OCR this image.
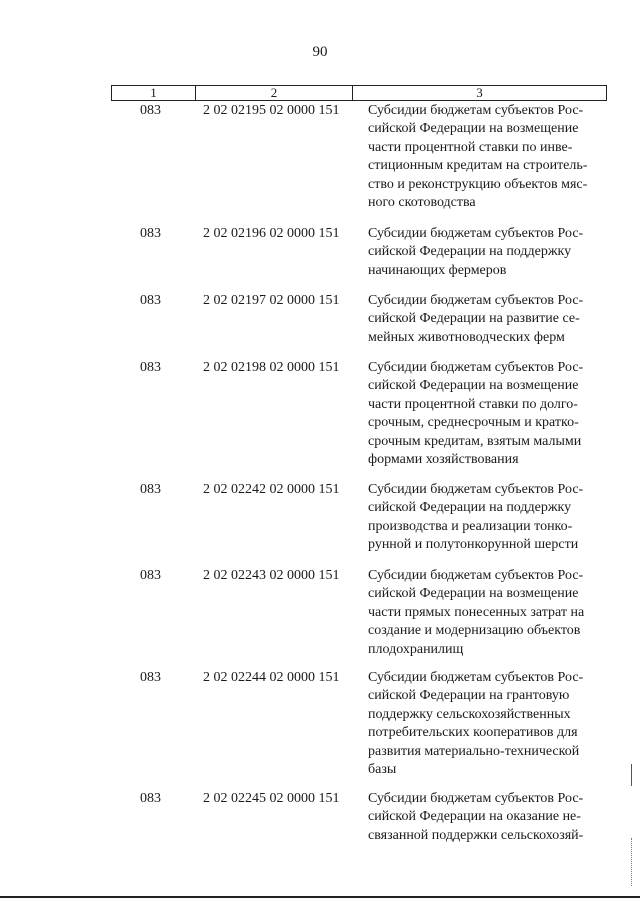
90
1	2	3
083	2 02 02195 02 0000 151	Субсидии бюджетам субъектов Рос-
сийской Федерации на возмещение
части процентной ставки по инве-
стиционным кредитам на строитель-
ство и реконструкцию объектов мяс-
ного скотоводства
083	2 02 02196 02 0000 151	Субсидии бюджетам субъектов Рос-
сийской Федерации на поддержку
начинающих фермеров
083	2 02 02197 02 0000 151	Субсидии бюджетам субъектов Рос-
сийской Федерации на развитие се-
мейных животноводческих ферм
083	2 02 02198 02 0000 151	Субсидии бюджетам субъектов Рос-
сийской Федерации на возмещение
части процентной ставки по долго-
срочным, среднесрочным и кратко-
срочным кредитам, взятым малыми
формами хозяйствования
083	2 02 02242 02 0000 151	Субсидии бюджетам субъектов Рос-
сийской Федерации на поддержку
производства и реализации тонко-
рунной и полутонкорунной шерсти
083	2 02 02243 02 0000 151	Субсидии бюджетам субъектов Рос-
сийской Федерации на возмещение
части прямых понесенных затрат на
создание и модернизацию объектов
плодохранилищ
083	2 02 02244 02 0000 151	Субсидии бюджетам субъектов Рос-
сийской Федерации на грантовую
поддержку сельскохозяйственных
потребительских кооперативов для
развития материально-технической
базы
083	2 02 02245 02 0000 151	Субсидии бюджетам субъектов Рос-
сийской Федерации на оказание не-
связанной поддержки сельскохозяй-
